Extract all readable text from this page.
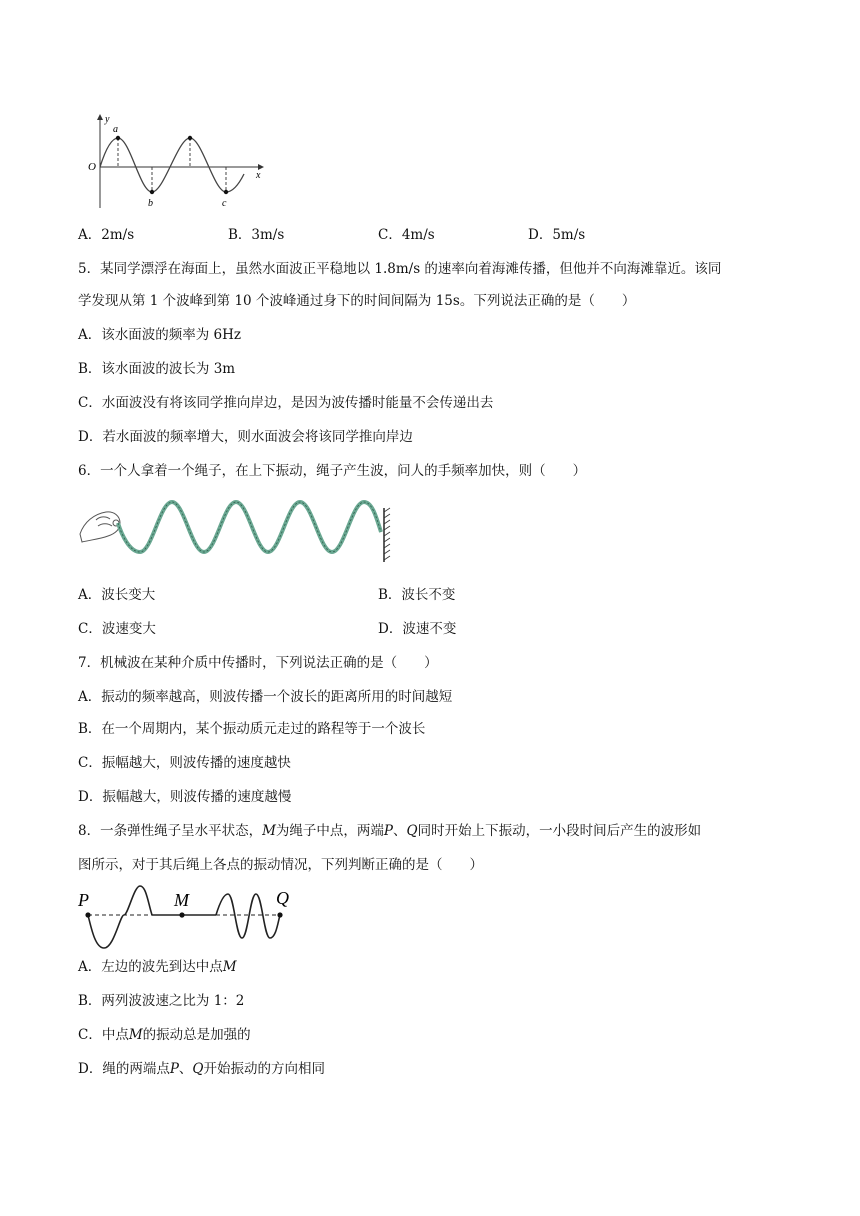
y
x
O
a
b	c
A．2m/s	B．3m/s	C．4m/s	D．5m/s
5．某同学漂浮在海面上，虽然水面波正平稳地以 1.8m/s 的速率向着海滩传播，但他并不向海滩靠近。该同
学发现从第 1 个波峰到第 10 个波峰通过身下的时间间隔为 15s。下列说法正确的是（　　）
A．该水面波的频率为 6Hz
B．该水面波的波长为 3m
C．水面波没有将该同学推向岸边，是因为波传播时能量不会传递出去
D．若水面波的频率增大，则水面波会将该同学推向岸边
6．一个人拿着一个绳子，在上下振动，绳子产生波，问人的手频率加快，则（　　）
A．波长变大	B．波长不变
C．波速变大	D．波速不变
7．机械波在某种介质中传播时，下列说法正确的是（　　）
A．振动的频率越高，则波传播一个波长的距离所用的时间越短
B．在一个周期内，某个振动质元走过的路程等于一个波长
C．振幅越大，则波传播的速度越快
D．振幅越大，则波传播的速度越慢
8．一条弹性绳子呈水平状态，M为绳子中点，两端P、Q同时开始上下振动，一小段时间后产生的波形如
图所示，对于其后绳上各点的振动情况，下列判断正确的是（　　）
P	M	Q
A．左边的波先到达中点M
B．两列波波速之比为 1：2
C．中点M的振动总是加强的
D．绳的两端点P、Q开始振动的方向相同
